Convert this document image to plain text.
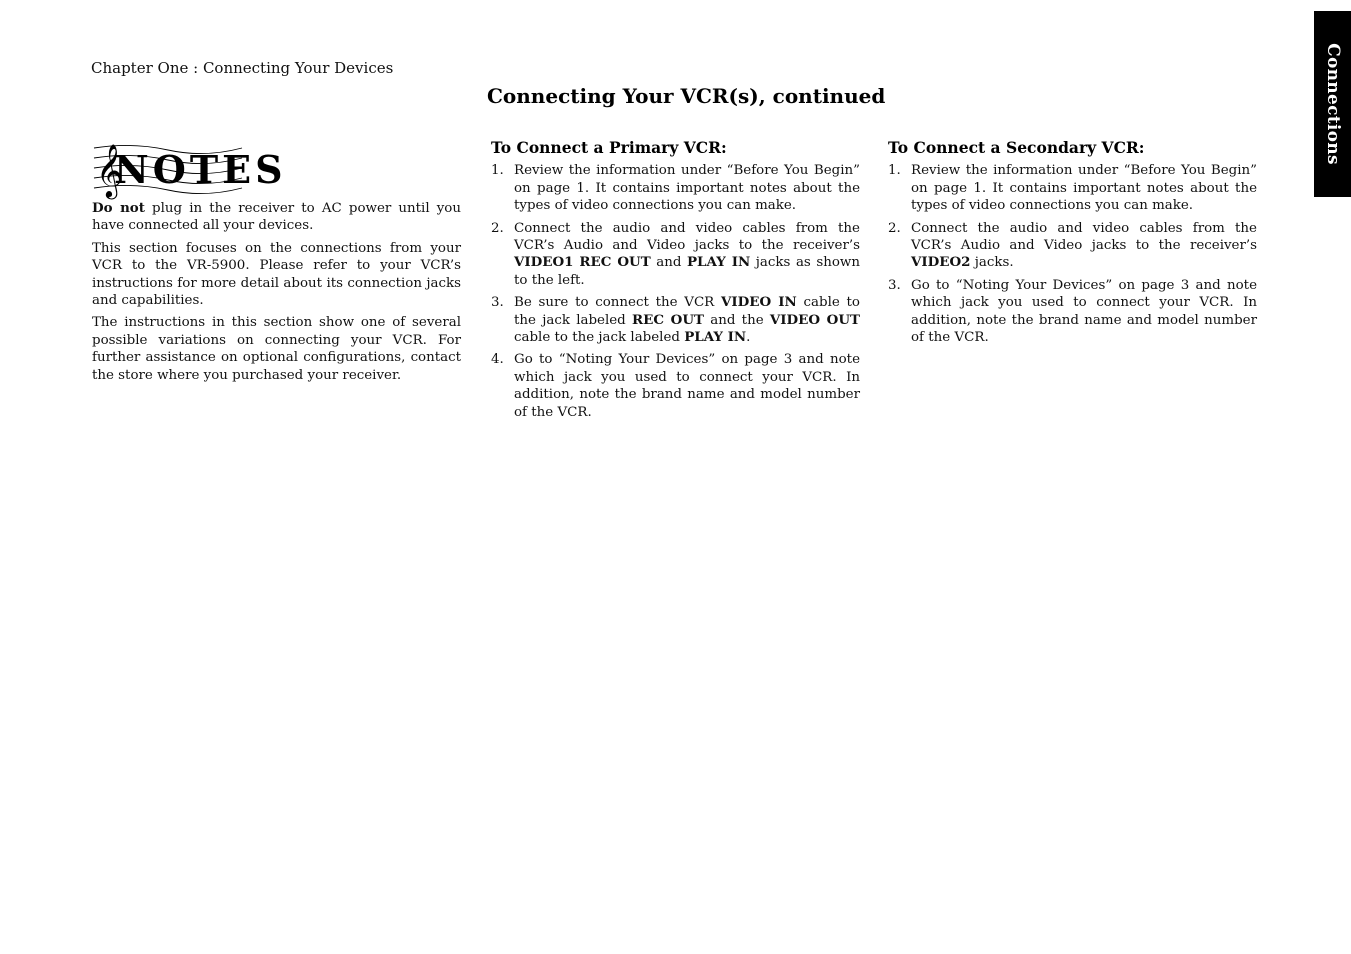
Chapter One : Connecting Your Devices
Connecting Your VCR(s), continued	Connections
𝄞
NOTES

Do not plug in the receiver to AC power until you have connected all your devices.

This section focuses on the connections from your VCR to the VR-5900. Please refer to your VCR’s instructions for more detail about its connection jacks and capabilities.

The instructions in this section show one of several possible variations on connecting your VCR. For further assistance on optional configurations, contact the store where you purchased your receiver.

To Connect a Primary VCR:
1. Review the information under “Before You Begin” on page 1. It contains important notes about the types of video connections you can make.
2. Connect the audio and video cables from the VCR’s Audio and Video jacks to the receiver’s VIDEO1 REC OUT and PLAY IN jacks as shown to the left.
3. Be sure to connect the VCR VIDEO IN cable to the jack labeled REC OUT and the VIDEO OUT cable to the jack labeled PLAY IN.
4. Go to “Noting Your Devices” on page 3 and note which jack you used to connect your VCR. In addition, note the brand name and model number of the VCR.
To Connect a Secondary VCR:
1. Review the information under “Before You Begin” on page 1. It contains important notes about the types of video connections you can make.
2. Connect the audio and video cables from the VCR’s Audio and Video jacks to the receiver’s VIDEO2 jacks.
3. Go to “Noting Your Devices” on page 3 and note which jack you used to connect your VCR. In addition, note the brand name and model number of the VCR.
